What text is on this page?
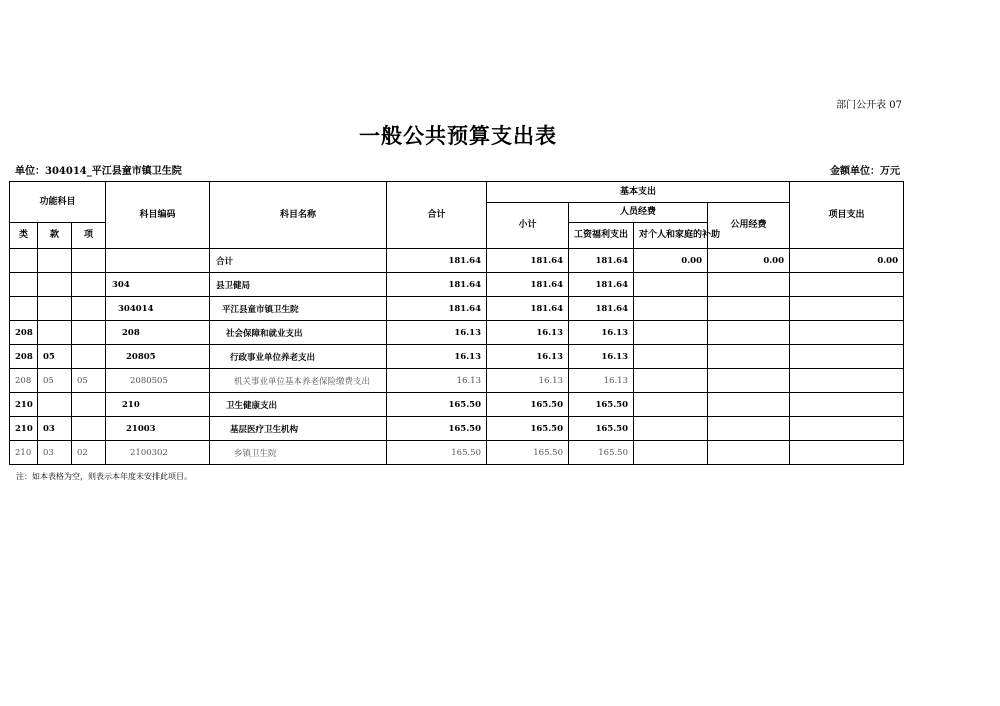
部门公开表 07
一般公共预算支出表
单位：304014_平江县童市镇卫生院	金额单位：万元
功能科目			科目编码	科目名称	合计	基本支出				项目支出
						小计	人员经费		公用经费	
类	款	项					工资福利支出	对个人和家庭的补助		
				合计	181.64	181.64	181.64	0.00	0.00	0.00
			304	县卫健局	181.64	181.64	181.64			
			304014	平江县童市镇卫生院	181.64	181.64	181.64			
208			208	社会保障和就业支出	16.13	16.13	16.13			
208	05		20805	行政事业单位养老支出	16.13	16.13	16.13			
208	05	05	2080505	机关事业单位基本养老保险缴费支出	16.13	16.13	16.13			
210			210	卫生健康支出	165.50	165.50	165.50			
210	03		21003	基层医疗卫生机构	165.50	165.50	165.50			
210	03	02	2100302	乡镇卫生院	165.50	165.50	165.50			
注：如本表格为空，则表示本年度未安排此项目。
